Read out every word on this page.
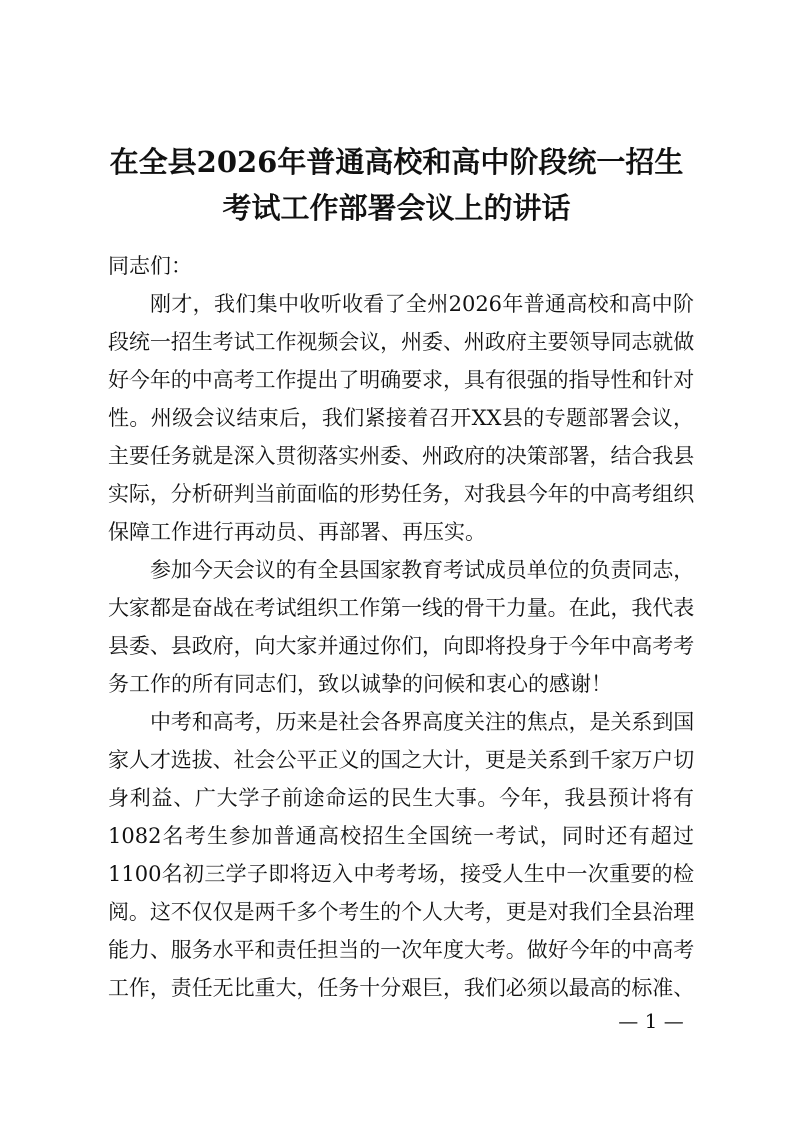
在全县2026年普通高校和高中阶段统一招生
考试工作部署会议上的讲话
同志们：
刚才，我们集中收听收看了全州2026年普通高校和高中阶
段统一招生考试工作视频会议，州委、州政府主要领导同志就做
好今年的中高考工作提出了明确要求，具有很强的指导性和针对
性。州级会议结束后，我们紧接着召开XX县的专题部署会议，
主要任务就是深入贯彻落实州委、州政府的决策部署，结合我县
实际，分析研判当前面临的形势任务，对我县今年的中高考组织
保障工作进行再动员、再部署、再压实。
参加今天会议的有全县国家教育考试成员单位的负责同志，
大家都是奋战在考试组织工作第一线的骨干力量。在此，我代表
县委、县政府，向大家并通过你们，向即将投身于今年中高考考
务工作的所有同志们，致以诚挚的问候和衷心的感谢！
中考和高考，历来是社会各界高度关注的焦点，是关系到国
家人才选拔、社会公平正义的国之大计，更是关系到千家万户切
身利益、广大学子前途命运的民生大事。今年，我县预计将有
1082名考生参加普通高校招生全国统一考试，同时还有超过
1100名初三学子即将迈入中考考场，接受人生中一次重要的检
阅。这不仅仅是两千多个考生的个人大考，更是对我们全县治理
能力、服务水平和责任担当的一次年度大考。做好今年的中高考
工作，责任无比重大，任务十分艰巨，我们必须以最高的标准、
— 1 —
